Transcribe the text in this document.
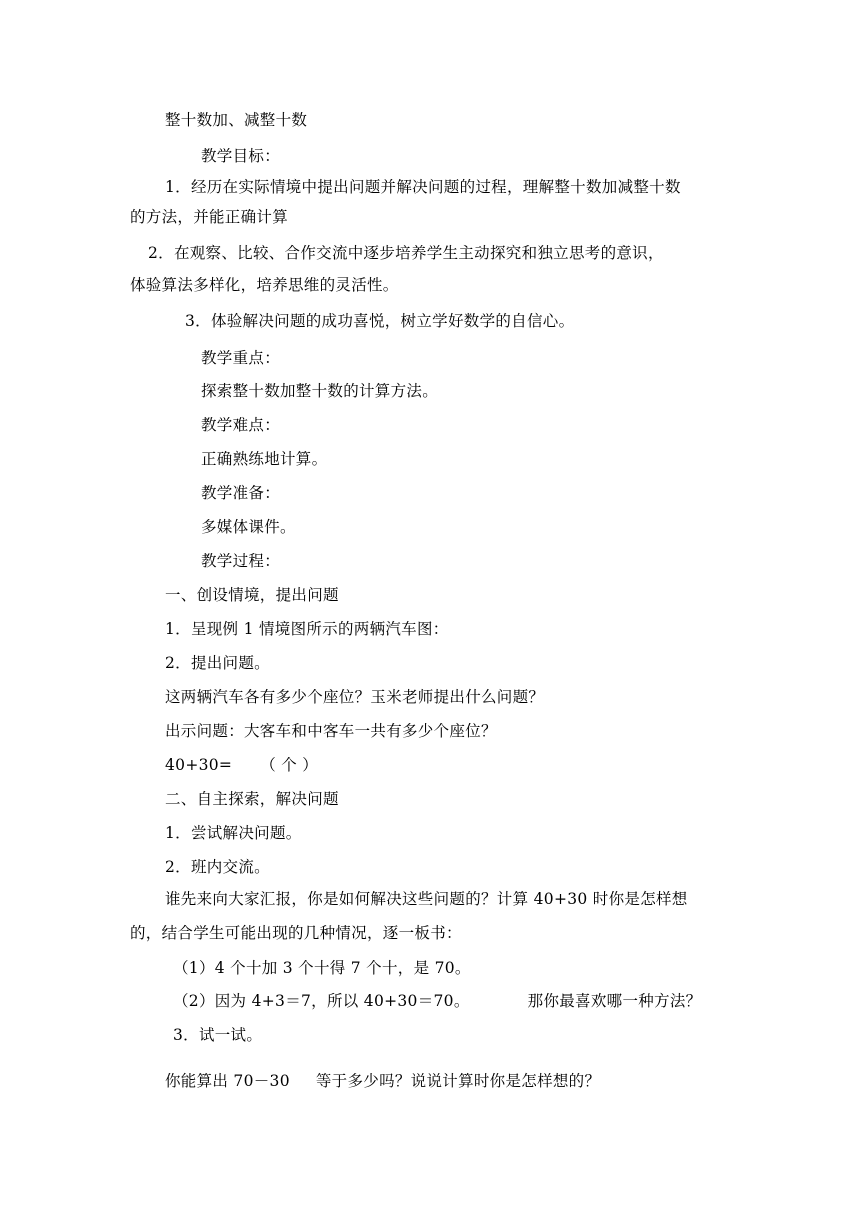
整十数加、减整十数
教学目标：
1．经历在实际情境中提出问题并解决问题的过程，理解整十数加减整十数
的方法，并能正确计算
2．在观察、比较、合作交流中逐步培养学生主动探究和独立思考的意识，
体验算法多样化，培养思维的灵活性。
3．体验解决问题的成功喜悦，树立学好数学的自信心。
教学重点：
探索整十数加整十数的计算方法。
教学难点：
正确熟练地计算。
教学准备：
多媒体课件。
教学过程：
一、创设情境，提出问题
1．呈现例 1 情境图所示的两辆汽车图：
2．提出问题。
这两辆汽车各有多少个座位？玉米老师提出什么问题？
出示问题：大客车和中客车一共有多少个座位？
40+30= （ 个 ）
二、自主探索，解决问题
1．尝试解决问题。
2．班内交流。
谁先来向大家汇报，你是如何解决这些问题的？计算 40+30 时你是怎样想
的，结合学生可能出现的几种情况，逐一板书：
（1）4 个十加 3 个十得 7 个十，是 70。
（2）因为 4+3＝7，所以 40+30＝70。	那你最喜欢哪一种方法？
3．试一试。
你能算出 70－30 等于多少吗？说说计算时你是怎样想的？
